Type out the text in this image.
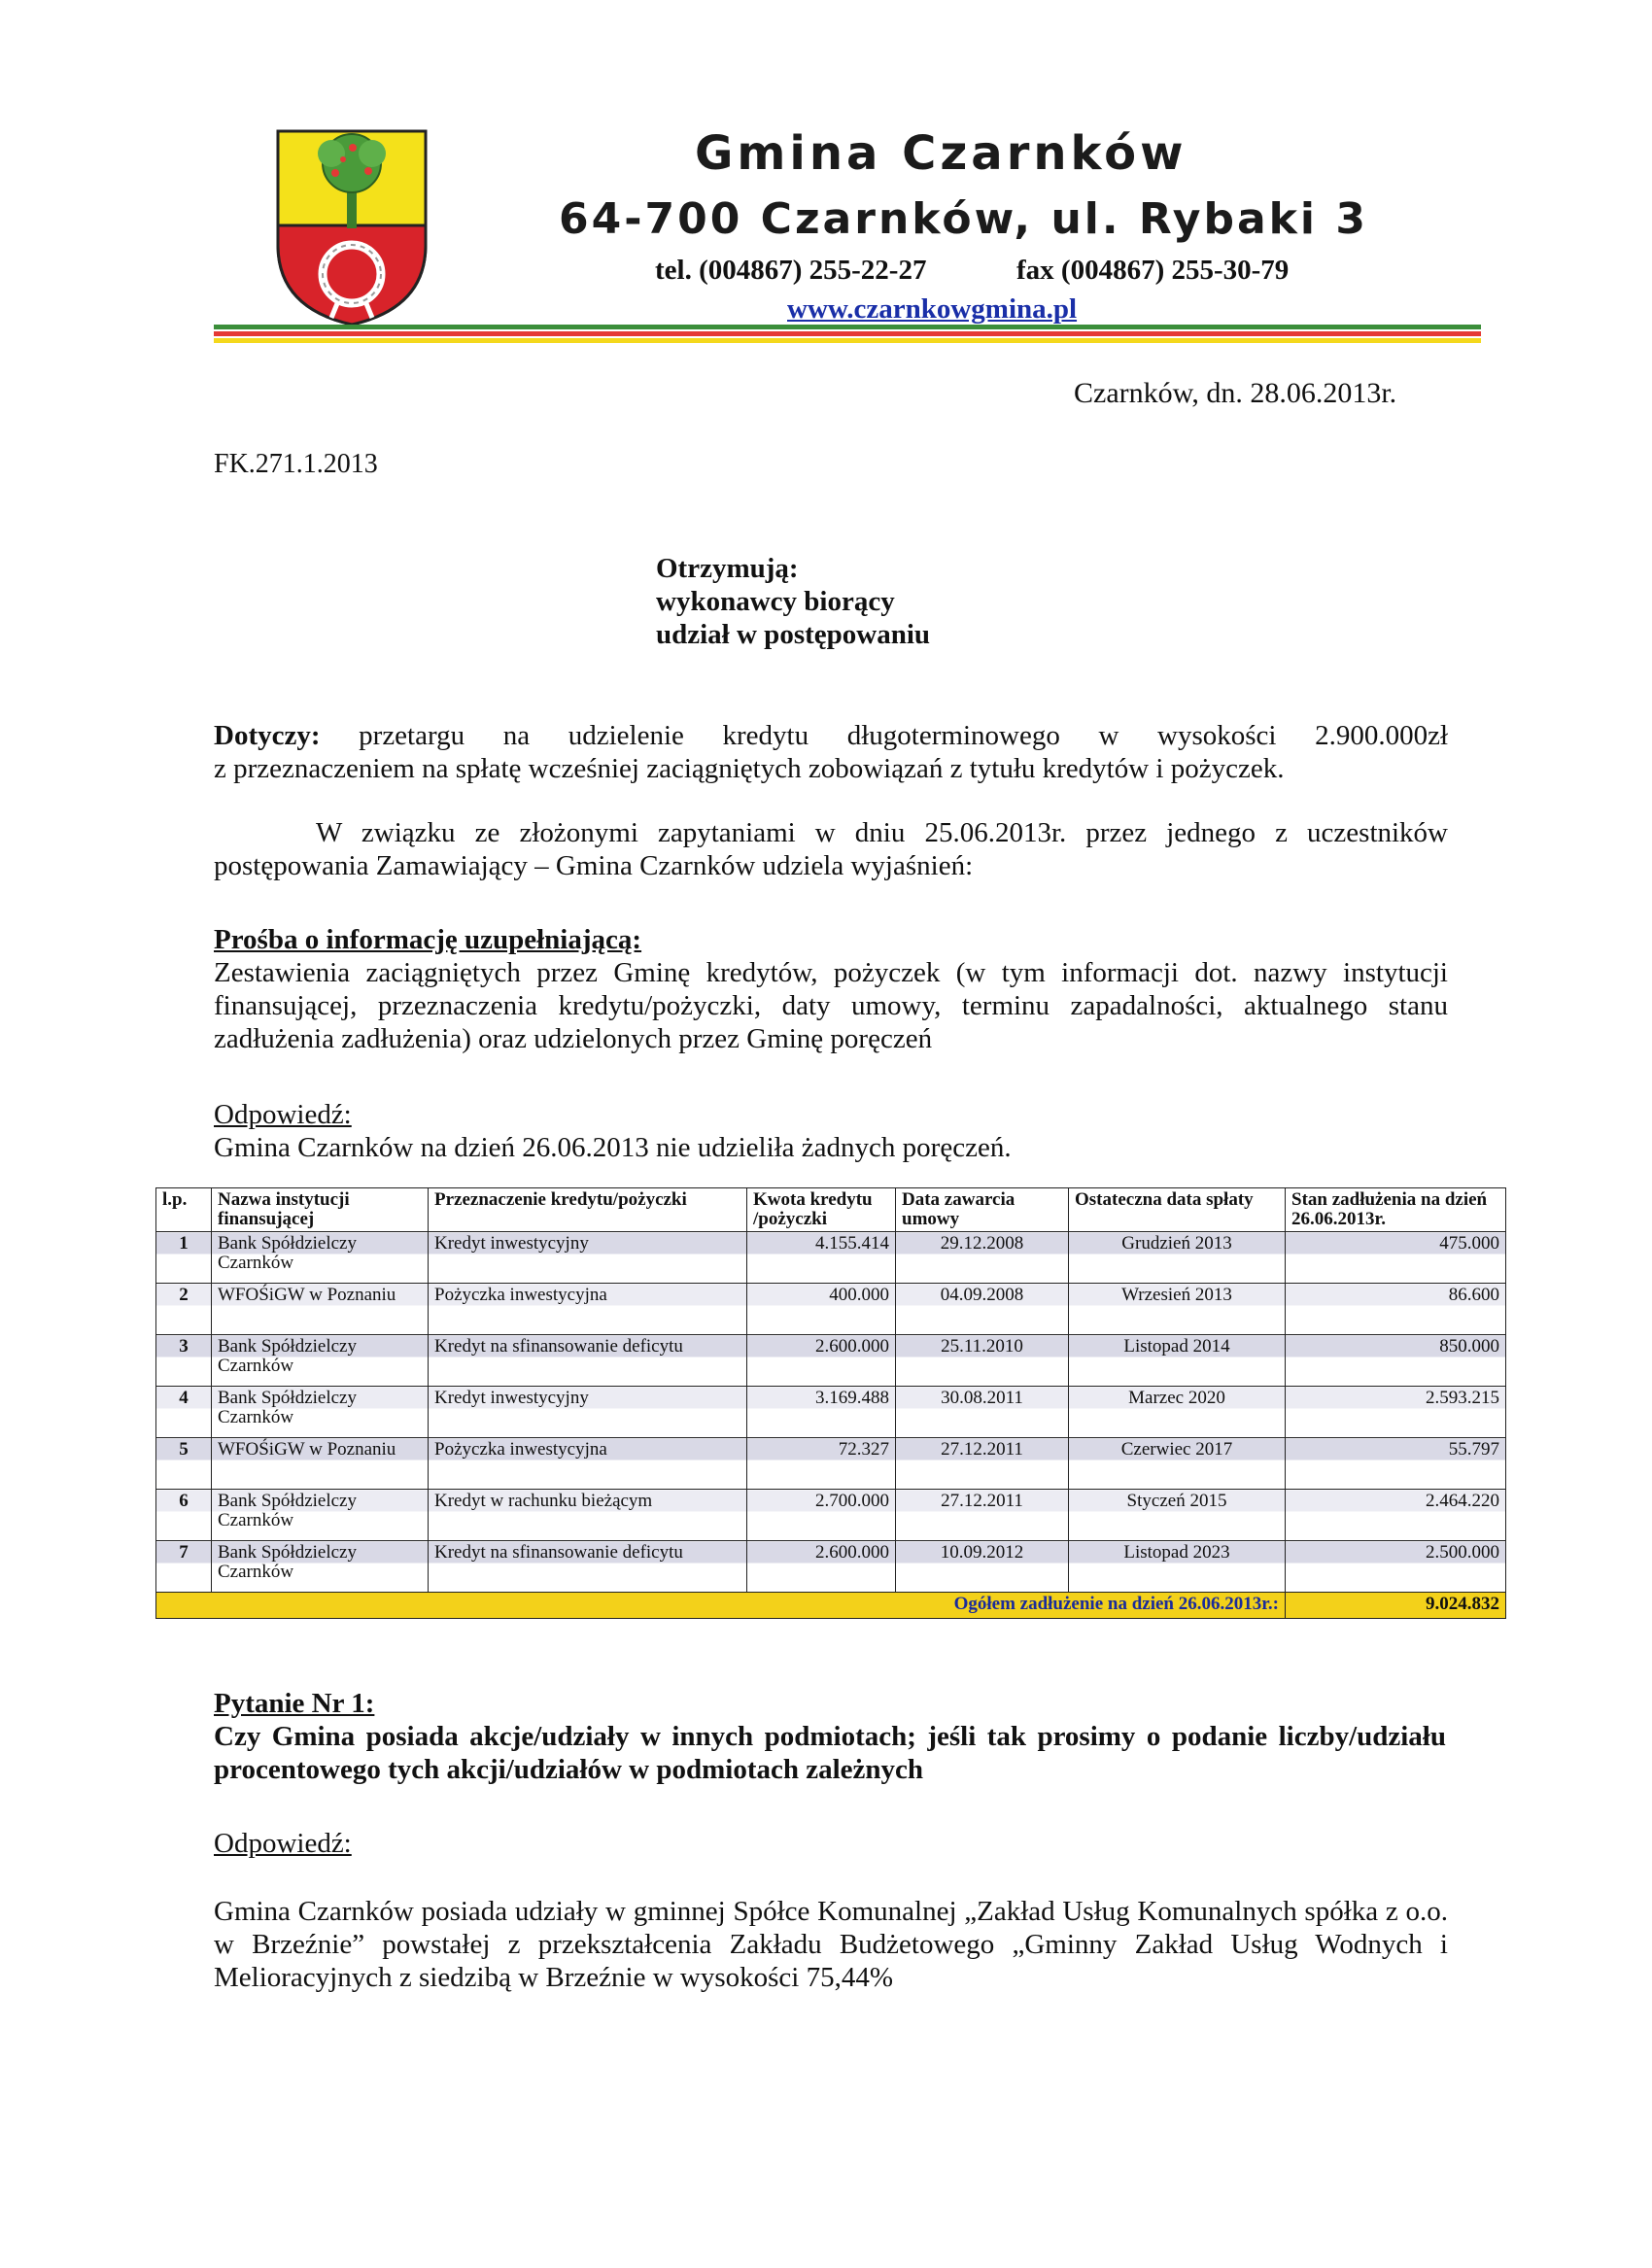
Gmina Czarnków
64-700 Czarnków, ul. Rybaki 3
tel. (004867) 255-22-27	fax (004867) 255-30-79
www.czarnkowgmina.pl
Czarnków, dn. 28.06.2013r.
FK.271.1.2013
Otrzymują:
wykonawcy biorący
udział w postępowaniu
Dotyczy: przetargu na udzielenie kredytu długoterminowego w wysokości 2.900.000zł
z przeznaczeniem na spłatę wcześniej zaciągniętych zobowiązań z tytułu kredytów i pożyczek.
W związku ze złożonymi zapytaniami w dniu 25.06.2013r. przez jednego z uczestników
postępowania Zamawiający – Gmina Czarnków udziela wyjaśnień:
Prośba o informację uzupełniającą:
Zestawienia zaciągniętych przez Gminę kredytów, pożyczek (w tym informacji dot. nazwy instytucji finansującej, przeznaczenia kredytu/pożyczki, daty umowy, terminu zapadalności, aktualnego stanu zadłużenia zadłużenia) oraz udzielonych przez Gminę poręczeń
Odpowiedź:
Gmina Czarnków na dzień 26.06.2013 nie udzieliła żadnych poręczeń.
l.p.	Nazwa instytucji finansującej	Przeznaczenie kredytu/pożyczki	Kwota kredytu /pożyczki	Data zawarcia umowy	Ostateczna data spłaty	Stan zadłużenia na dzień 26.06.2013r.
1	Bank Spółdzielczy Czarnków	Kredyt inwestycyjny	4.155.414	29.12.2008	Grudzień 2013	475.000
2	WFOŚiGW w Poznaniu	Pożyczka inwestycyjna	400.000	04.09.2008	Wrzesień 2013	86.600
3	Bank Spółdzielczy Czarnków	Kredyt na sfinansowanie deficytu	2.600.000	25.11.2010	Listopad 2014	850.000
4	Bank Spółdzielczy Czarnków	Kredyt inwestycyjny	3.169.488	30.08.2011	Marzec 2020	2.593.215
5	WFOŚiGW w Poznaniu	Pożyczka inwestycyjna	72.327	27.12.2011	Czerwiec 2017	55.797
6	Bank Spółdzielczy Czarnków	Kredyt w rachunku bieżącym	2.700.000	27.12.2011	Styczeń 2015	2.464.220
7	Bank Spółdzielczy Czarnków	Kredyt na sfinansowanie deficytu	2.600.000	10.09.2012	Listopad 2023	2.500.000
Ogółem zadłużenie na dzień 26.06.2013r.:						9.024.832
Pytanie Nr 1:
Czy Gmina posiada akcje/udziały w innych podmiotach; jeśli tak prosimy o podanie liczby/udziału procentowego tych akcji/udziałów w podmiotach zależnych
Odpowiedź:
Gmina Czarnków posiada udziały w gminnej Spółce Komunalnej „Zakład Usług Komunalnych spółka z o.o. w Brzeźnie” powstałej z przekształcenia Zakładu Budżetowego „Gminny Zakład Usług Wodnych i Melioracyjnych z siedzibą w Brzeźnie w wysokości 75,44%
